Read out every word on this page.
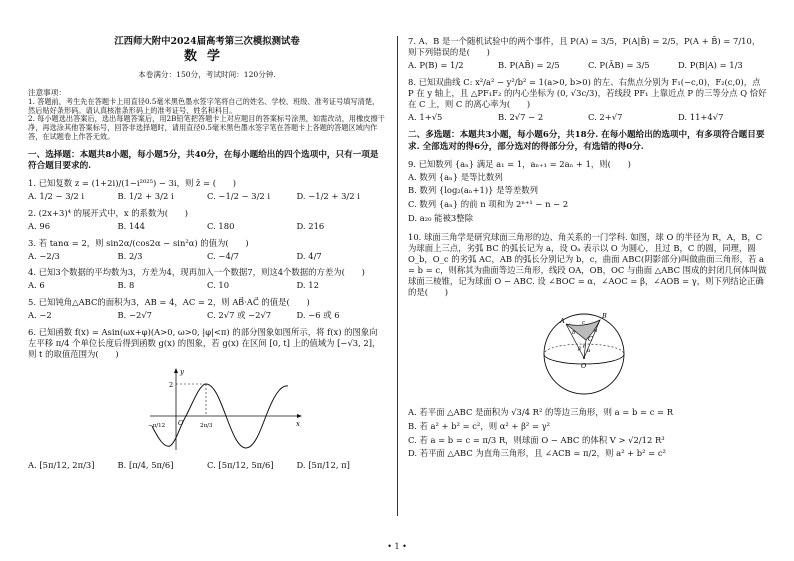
江西师大附中2024届高考第三次模拟测试卷
数学
本卷满分：150分，考试时间：120分钟.
注意事项：

1. 答题前，考生先在答题卡上用直径0.5毫米黑色墨水签字笔将自己的姓名、学校、班级、准考证号填写清楚，然后贴好条形码。请认真核准条形码上的准考证号、姓名和科目。

2. 每小题选出答案后，选出每题答案后，用2B铅笔把答题卡上对应题目的答案标号涂黑，如需改动，用橡皮擦干净，再选涂其他答案标号，回答非选择题时，请用直径0.5毫米黑色墨水签字笔在答题卡上各题的答题区域内作答，在试题卷上作答无效。

一、选择题：本题共8小题，每小题5分，共40分，在每小题给出的四个选项中，只有一项是符合题目要求的.
1. 已知复数 z = (1+2i)/(1−i²⁰²⁵) − 3i，则 z̄ = (　　)
A. 1/2 − 3/2 i	B. 1/2 + 3/2 i	C. −1/2 − 3/2 i	D. −1/2 + 3/2 i
2. (2x+3)⁴ 的展开式中，x 的系数为(　　)
A. 96	B. 144	C. 180	D. 216
3. 若 tanα = 2，则 sin2α/(cos2α − sin²α) 的值为(　　)
A. −2/3	B. 2/3	C. −4/7	D. 4/7
4. 已知3个数据的平均数为3，方差为4，现再加入一个数据7，则这4个数据的方差为(　　)
A. 6	B. 8	C. 10	D. 12
5. 已知钝角△ABC的面积为3，AB = 4，AC = 2，则 AB⃗·AC⃗ 的值是(　　)
A. −2	B. −2√7	C. 2√7 或 −2√7	D. −6 或 6
6. 已知函数 f(x) = Asin(ωx+φ)(A>0, ω>0, |φ|<π) 的部分图象如图所示，将 f(x) 的图象向左平移 π/4 个单位长度后得到函数 g(x) 的图象，若 g(x) 在区间 [0, t] 上的值域为 [−√3, 2]，则 t 的取值范围为(　　)
y
x
O
2
−π/12	2π/3
A. [5π/12, 2π/3]	B. [π/4, 5π/6]	C. [5π/12, 5π/6]	D. [5π/12, π]
7. A、B 是一个随机试验中的两个事件，且 P(A) = 3/5，P(A|B̄) = 2/5，P(A + B̄) = 7/10，则下列错误的是(　　)
A. P(B) = 1/2	B. P(AB̄) = 2/5	C. P(ĀB) = 3/5	D. P(B|A) = 1/3
8. 已知双曲线 C: x²/a² − y²/b² = 1(a>0, b>0) 的左、右焦点分别为 F₁(−c,0)，F₂(c,0)，点 P 在 y 轴上，且 △PF₁F₂ 的内心坐标为 (0, √3c/3)，若线段 PF₁ 上靠近点 P 的三等分点 Q 恰好在 C 上，则 C 的离心率为(　　)
A. 1+√5	B. 2√7 − 2	C. 2+√7	D. 11+4√7
二、多选题：本题共3小题，每小题6分，共18分. 在每小题给出的选项中，有多项符合题目要求. 全部选对的得6分，部分选对的得部分分，有选错的得0分.
9. 已知数列 {aₙ} 满足 a₁ = 1，aₙ₊₁ = 2aₙ + 1，则(　　)
A. 数列 {aₙ} 是等比数列
B. 数列 {log₂(aₙ+1)} 是等差数列
C. 数列 {aₙ} 的前 n 项和为 2ⁿ⁺¹ − n − 2
D. a₂₀ 能被3整除
10. 球面三角学是研究球面三角形的边、角关系的一门学科. 如图，球 O 的半径为 R，A，B，C 为球面上三点，劣弧 BC 的弧长记为 a，设 Oₐ 表示以 O 为圆心，且过 B，C 的圆，同理，圆 O_b，O_c 的劣弧 AC，AB 的弧长分别记为 b，c，曲面 ABC(阴影部分)叫做曲面三角形，若 a = b = c，则称其为曲面等边三角形，线段 OA，OB，OC 与曲面 △ABC 围成的封闭几何体叫做球面三棱锥，记为球面 O − ABC. 设 ∠BOC = α，∠AOC = β，∠AOB = γ，则下列结论正确的是(　　)
A
B
C
O
a
b
c
α
β γ
A. 若平面 △ABC 是面积为 √3/4 R² 的等边三角形，则 a = b = c = R
B. 若 a² + b² = c²，则 α² + β² = γ²
C. 若 a = b = c = π/3 R，则球面 O − ABC 的体积 V > √2/12 R³
D. 若平面 △ABC 为直角三角形，且 ∠ACB = π/2，则 a² + b² = c²
• 1 •
